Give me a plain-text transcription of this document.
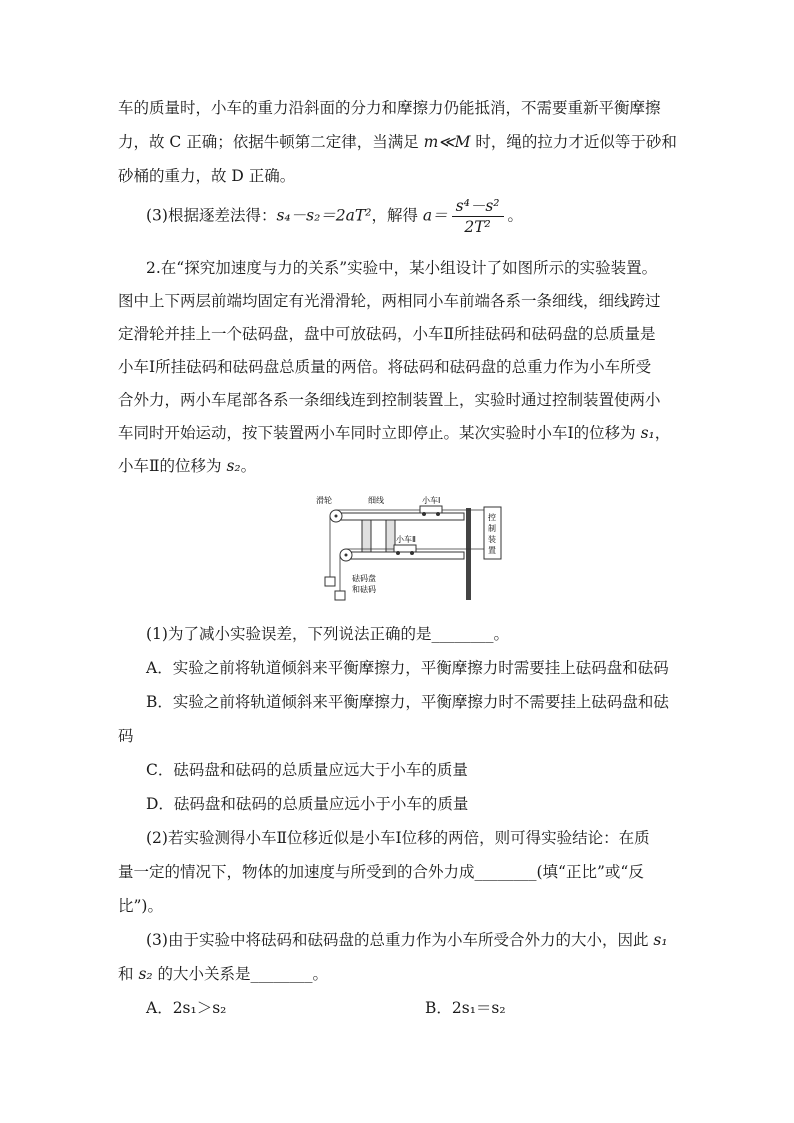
车的质量时，小车的重力沿斜面的分力和摩擦力仍能抵消，不需要重新平衡摩擦
力，故 C 正确；依据牛顿第二定律，当满足 m≪M 时，绳的拉力才近似等于砂和
砂桶的重力，故 D 正确。
(3)根据逐差法得：s₄－s₂＝2aT²，解得 $a= \frac{\text{s⁴－s²}}{\text{2T²}}$ 。
2.在“探究加速度与力的关系”实验中，某小组设计了如图所示的实验装置。
图中上下两层前端均固定有光滑滑轮，两相同小车前端各系一条细线，细线跨过
定滑轮并挂上一个砝码盘，盘中可放砝码，小车Ⅱ所挂砝码和砝码盘的总质量是
小车Ⅰ所挂砝码和砝码盘总质量的两倍。将砝码和砝码盘的总重力作为小车所受
合外力，两小车尾部各系一条细线连到控制装置上，实验时通过控制装置使两小
车同时开始运动，按下装置两小车同时立即停止。某次实验时小车Ⅰ的位移为 s₁，
小车Ⅱ的位移为 s₂。
滑轮	细线	小车Ⅰ
小车Ⅱ
控
制
装
置
砝码盘
和砝码
(1)为了减小实验误差，下列说法正确的是________。
A．实验之前将轨道倾斜来平衡摩擦力，平衡摩擦力时需要挂上砝码盘和砝码
B．实验之前将轨道倾斜来平衡摩擦力，平衡摩擦力时不需要挂上砝码盘和砝
码
C．砝码盘和砝码的总质量应远大于小车的质量
D．砝码盘和砝码的总质量应远小于小车的质量
(2)若实验测得小车Ⅱ位移近似是小车Ⅰ位移的两倍，则可得实验结论：在质
量一定的情况下，物体的加速度与所受到的合外力成________(填“正比”或“反
比”)。
(3)由于实验中将砝码和砝码盘的总重力作为小车所受合外力的大小，因此 s₁
和 s₂ 的大小关系是________。
A．2s₁＞s₂	B．2s₁＝s₂
